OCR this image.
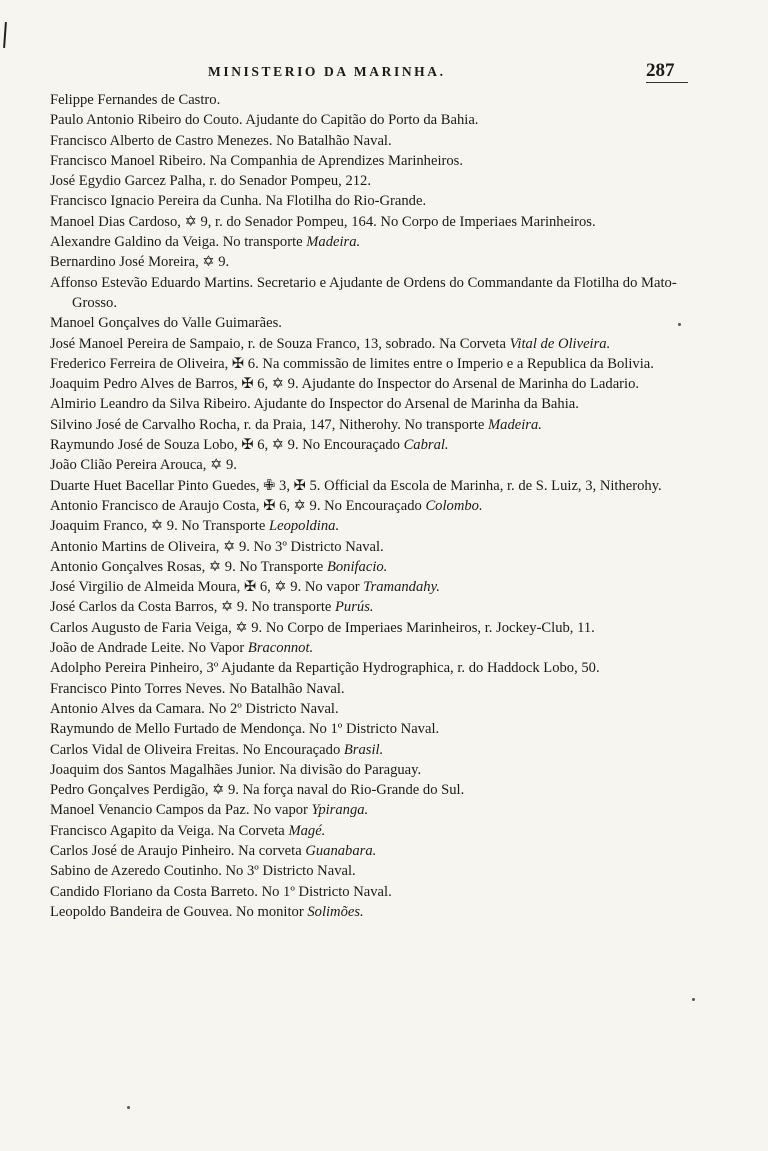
MINISTERIO DA MARINHA.	287

Felippe Fernandes de Castro.

Paulo Antonio Ribeiro do Couto. Ajudante do Capitão do Porto da Bahia.

Francisco Alberto de Castro Menezes. No Batalhão Naval.

Francisco Manoel Ribeiro. Na Companhia de Aprendizes Marinheiros.

José Egydio Garcez Palha, r. do Senador Pompeu, 212.

Francisco Ignacio Pereira da Cunha. Na Flotilha do Rio-Grande.

Manoel Dias Cardoso, ✡ 9, r. do Senador Pompeu, 164. No Corpo de Imperiaes Marinheiros.

Alexandre Galdino da Veiga. No transporte Madeira.

Bernardino José Moreira, ✡ 9.

Affonso Estevão Eduardo Martins. Secretario e Ajudante de Ordens do Commandante da Flotilha do Mato-Grosso.

Manoel Gonçalves do Valle Guimarães.

José Manoel Pereira de Sampaio, r. de Souza Franco, 13, sobrado. Na Corveta Vital de Oliveira.

Frederico Ferreira de Oliveira, ✠ 6. Na commissão de limites entre o Imperio e a Republica da Bolivia.

Joaquim Pedro Alves de Barros, ✠ 6, ✡ 9. Ajudante do Inspector do Arsenal de Marinha do Ladario.

Almirio Leandro da Silva Ribeiro. Ajudante do Inspector do Arsenal de Marinha da Bahia.

Silvino José de Carvalho Rocha, r. da Praia, 147, Nitherohy. No transporte Madeira.

Raymundo José de Souza Lobo, ✠ 6, ✡ 9. No Encouraçado Cabral.

João Clião Pereira Arouca, ✡ 9.

Duarte Huet Bacellar Pinto Guedes, ✙ 3, ✠ 5. Official da Escola de Marinha, r. de S. Luiz, 3, Nitherohy.

Antonio Francisco de Araujo Costa, ✠ 6, ✡ 9. No Encouraçado Colombo.

Joaquim Franco, ✡ 9. No Transporte Leopoldina.

Antonio Martins de Oliveira, ✡ 9. No 3º Districto Naval.

Antonio Gonçalves Rosas, ✡ 9. No Transporte Bonifacio.

José Virgilio de Almeida Moura, ✠ 6, ✡ 9. No vapor Tramandahy.

José Carlos da Costa Barros, ✡ 9. No transporte Purús.

Carlos Augusto de Faria Veiga, ✡ 9. No Corpo de Imperiaes Marinheiros, r. Jockey-Club, 11.

João de Andrade Leite. No Vapor Braconnot.

Adolpho Pereira Pinheiro, 3º Ajudante da Repartição Hydrographica, r. do Haddock Lobo, 50.

Francisco Pinto Torres Neves. No Batalhão Naval.

Antonio Alves da Camara. No 2º Districto Naval.

Raymundo de Mello Furtado de Mendonça. No 1º Districto Naval.

Carlos Vidal de Oliveira Freitas. No Encouraçado Brasil.

Joaquim dos Santos Magalhães Junior. Na divisão do Paraguay.

Pedro Gonçalves Perdigão, ✡ 9. Na força naval do Rio-Grande do Sul.

Manoel Venancio Campos da Paz. No vapor Ypiranga.

Francisco Agapito da Veiga. Na Corveta Magé.

Carlos José de Araujo Pinheiro. Na corveta Guanabara.

Sabino de Azeredo Coutinho. No 3º Districto Naval.

Candido Floriano da Costa Barreto. No 1º Districto Naval.

Leopoldo Bandeira de Gouvea. No monitor Solimões.
